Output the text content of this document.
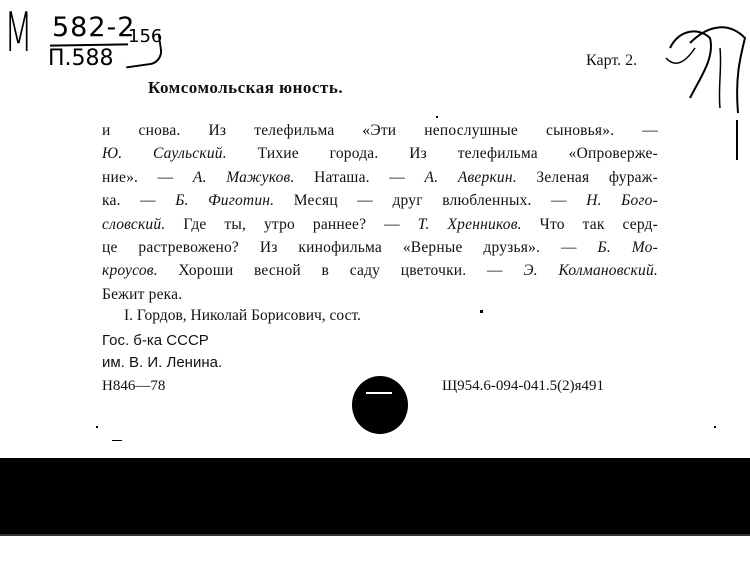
М 582-2
П.588
156
Карт. 2.
Комсомольская юность.
и снова. Из телефильма «Эти непослушные сыновья». —
Ю. Саульский. Тихие города. Из телефильма «Опроверже-
ние». — А. Мажуков. Наташа. — А. Аверкин. Зеленая фураж-
ка. — Б. Фиготин. Месяц — друг влюбленных. — Н. Бого-
словский. Где ты, утро раннее? — Т. Хренников. Что так серд-
це растревожено? Из кинофильма «Верные друзья». — Б. Мо-
кроусов. Хороши весной в саду цветочки. — Э. Колмановский.
Бежит река.
I. Гордов, Николай Борисович, сост.
Гос. б-ка СССР
им. В. И. Ленина.
Н846—78	Щ954.6-094-041.5(2)я491
